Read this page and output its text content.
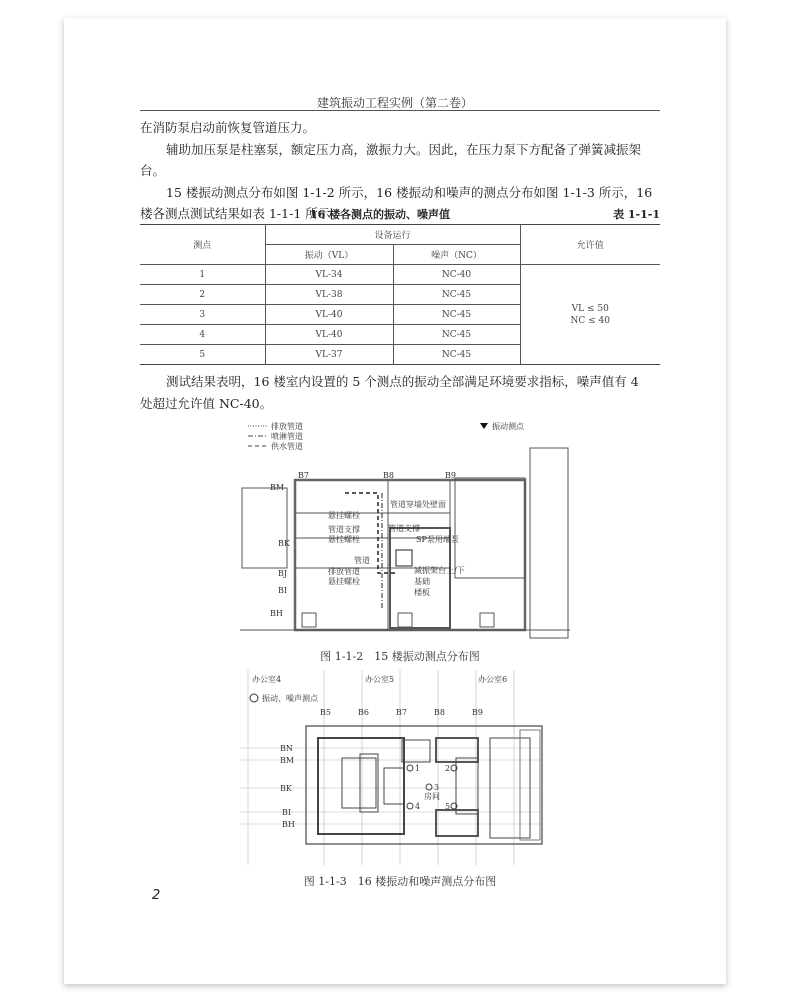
建筑振动工程实例（第二卷）
在消防泵启动前恢复管道压力。
辅助加压泵是柱塞泵，额定压力高，激振力大。因此，在压力泵下方配备了弹簧减振架台。
15 楼振动测点分布如图 1-1-2 所示，16 楼振动和噪声的测点分布如图 1-1-3 所示，16
楼各测点测试结果如表 1-1-1 所示。
16 楼各测点的振动、噪声值	表 1-1-1
测点	设备运行		允许值
	振动（VL）	噪声（NC）	
1	VL-34	NC-40	VL ≤ 50
NC ≤ 40

2	VL-38	NC-45	
3	VL-40	NC-45	
4	VL-40	NC-45	
5	VL-37	NC-45	
测试结果表明，16 楼室内设置的 5 个测点的振动全部满足环境要求指标，噪声值有 4
处超过允许值 NC-40。
排放管道
喷淋管道
供水管道
振动测点
B7	B8	B9
BM
BK
BJ
BI
BH
管道穿墙处壁面
悬挂螺栓
管道支撑
悬挂螺栓
管道支撑
SP泵用端泵
管道
排放管道
悬挂螺栓
减振架台上/下
基础
楼板
图 1-1-2　15 楼振动测点分布图
办公室4	办公室5	办公室6
振动、噪声测点
B5	B6	B7	B8	B9
BN
BM
BK
BI
BH
1	2
3
4	5
房间
图 1-1-3　16 楼振动和噪声测点分布图
2
